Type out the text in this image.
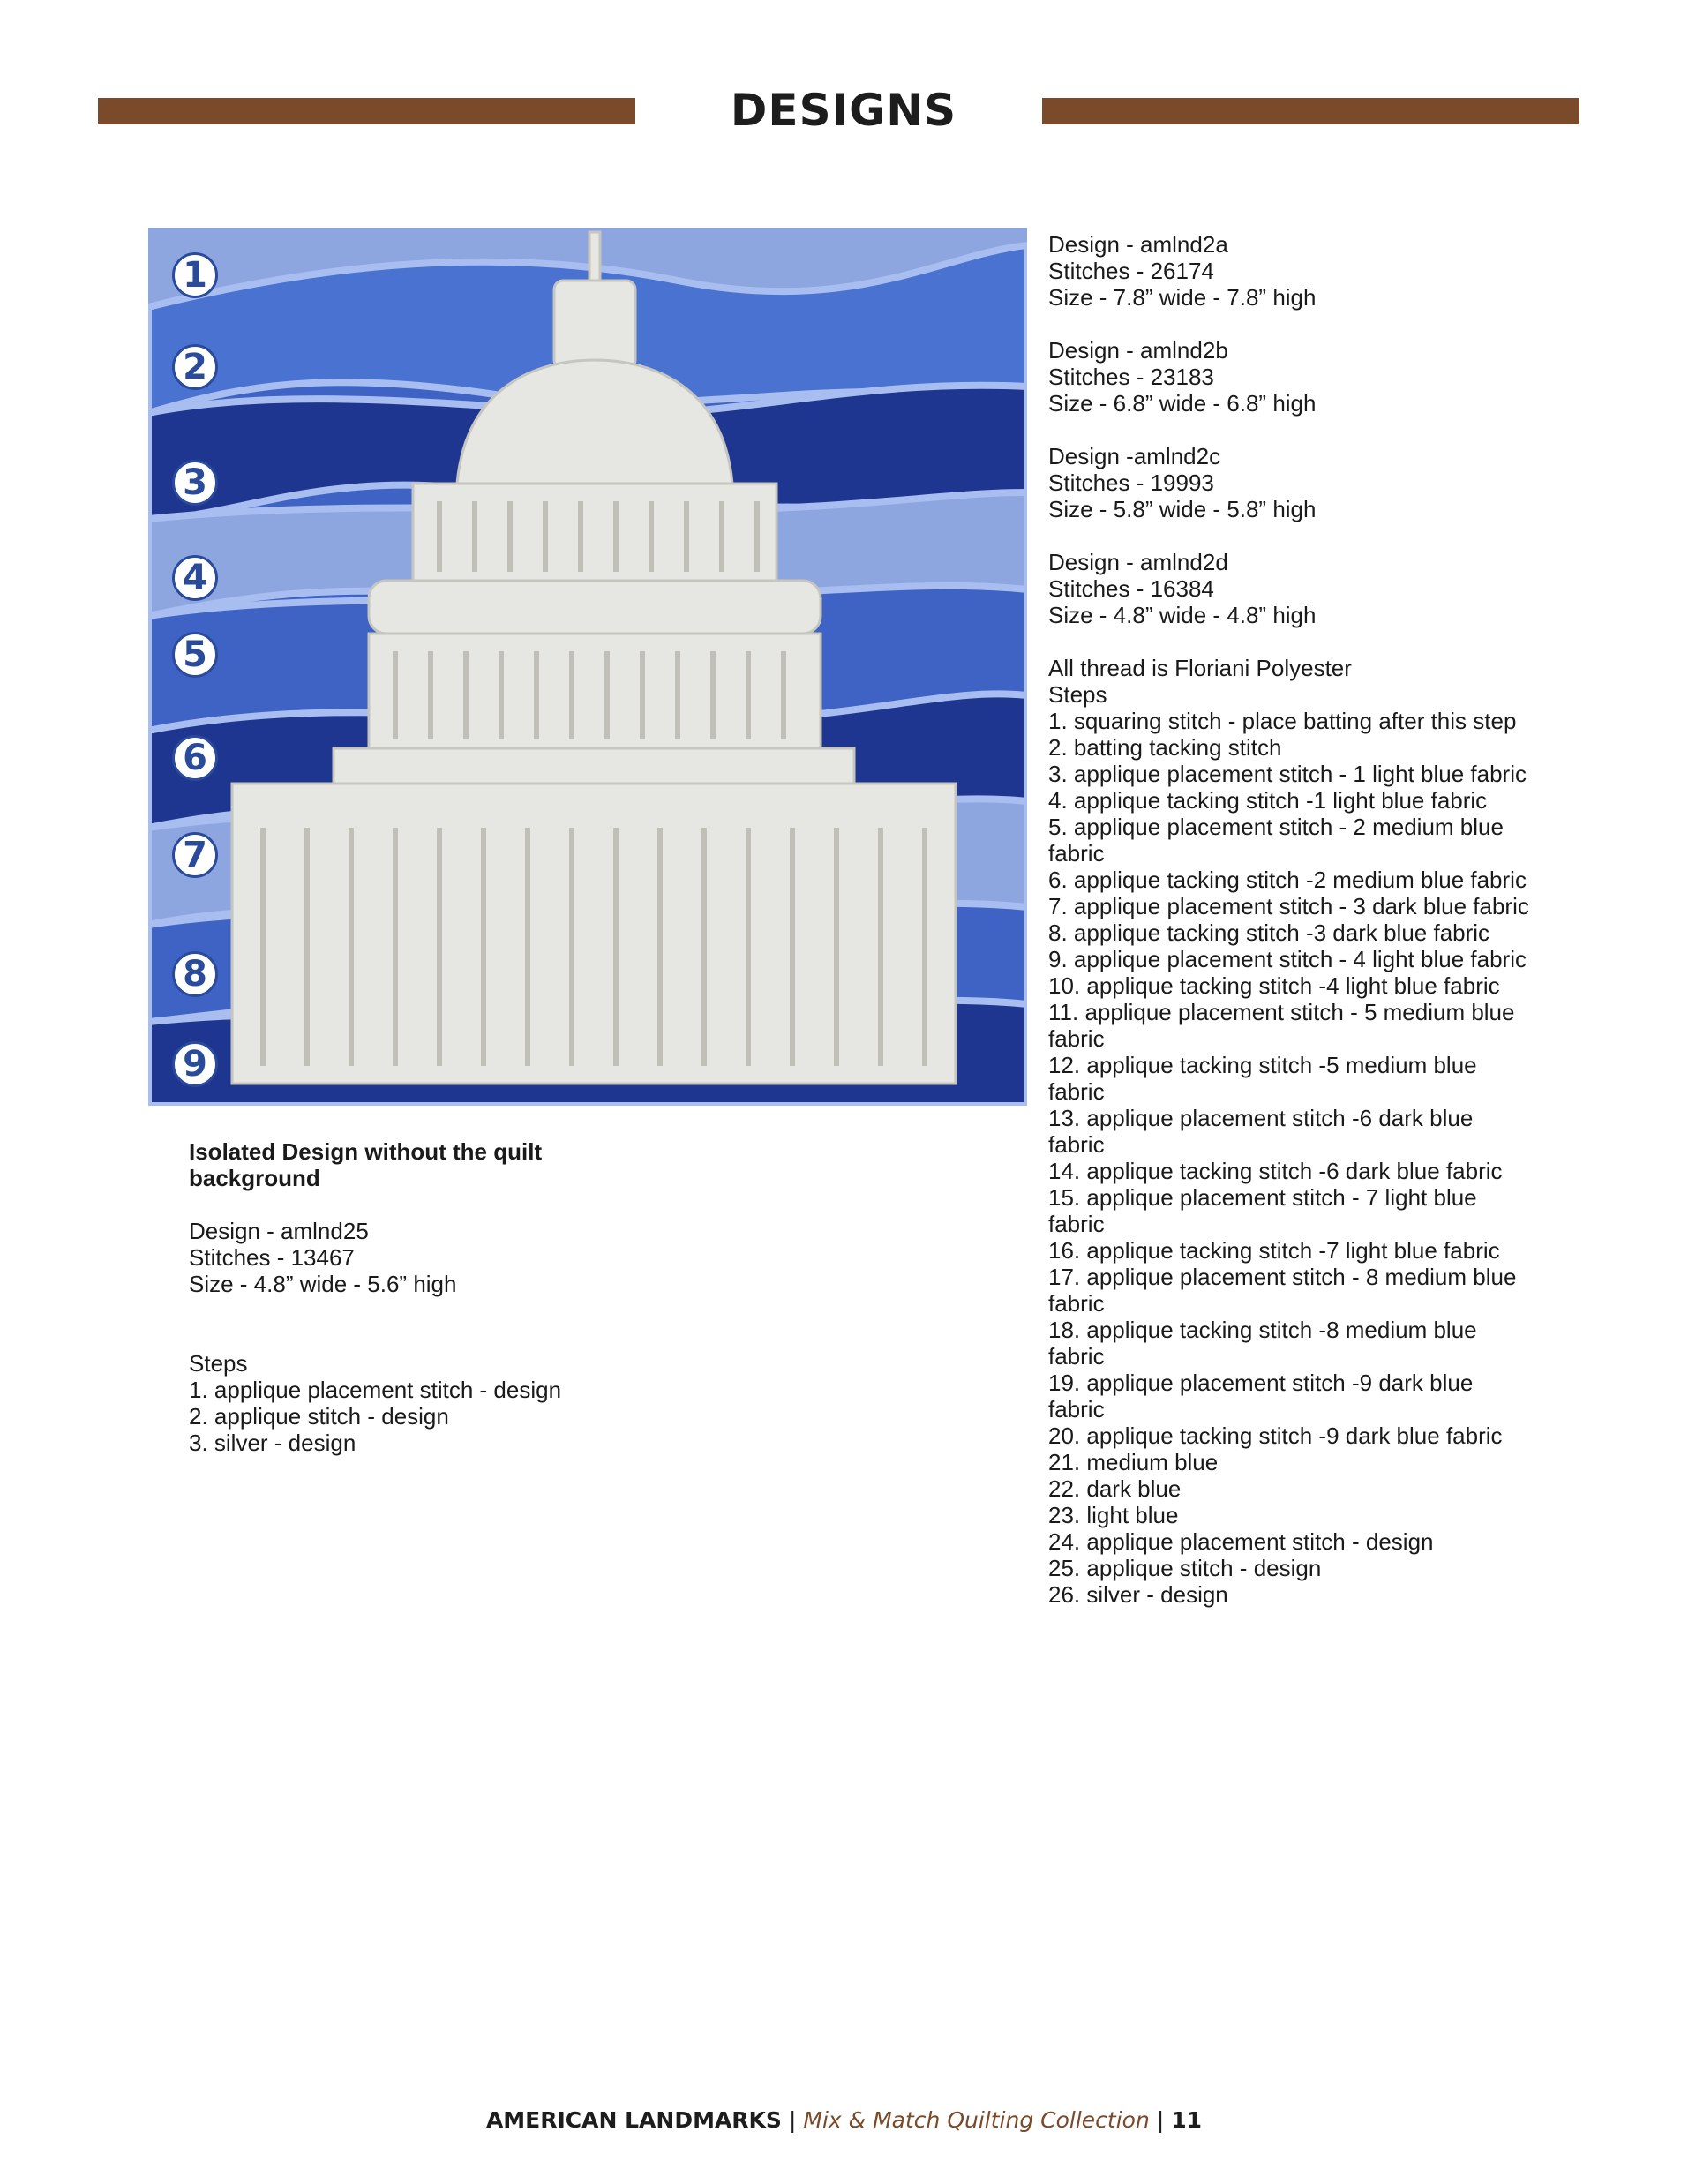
DESIGNS
1
2
3
4
5
6
7
8
9

Design - amlnd2a

Stitches - 26174

Size - 7.8” wide - 7.8” high

Design - amlnd2b

Stitches - 23183

Size - 6.8” wide - 6.8” high

Design -amlnd2c

Stitches - 19993

Size - 5.8” wide - 5.8” high

Design - amlnd2d

Stitches - 16384

Size - 4.8” wide - 4.8” high

All thread is Floriani Polyester

Steps

1. squaring stitch - place batting after this step

2. batting tacking stitch

3. applique placement stitch - 1 light blue fabric

4. applique tacking stitch -1 light blue fabric

5. applique placement stitch - 2 medium blue fabric

6. applique tacking stitch -2 medium blue fabric

7. applique placement stitch - 3 dark blue fabric

8. applique tacking stitch -3 dark blue fabric

9. applique placement stitch - 4 light blue fabric

10. applique tacking stitch -4 light blue fabric

11. applique placement stitch - 5 medium blue fabric

12. applique tacking stitch -5 medium blue fabric

13. applique placement stitch -6 dark blue fabric

14. applique tacking stitch -6 dark blue fabric

15. applique placement stitch - 7 light blue fabric

16. applique tacking stitch -7 light blue fabric

17. applique placement stitch - 8 medium blue fabric

18. applique tacking stitch -8 medium blue fabric

19. applique placement stitch -9 dark blue fabric

20. applique tacking stitch -9 dark blue fabric

21. medium blue

22. dark blue

23. light blue

24. applique placement stitch - design

25. applique stitch - design

26. silver - design

Isolated Design without the quilt background

Design - amlnd25

Stitches - 13467

Size - 4.8” wide - 5.6” high

Steps

1. applique placement stitch - design

2. applique stitch - design

3. silver - design

AMERICAN LANDMARKS | Mix & Match Quilting Collection | 11
